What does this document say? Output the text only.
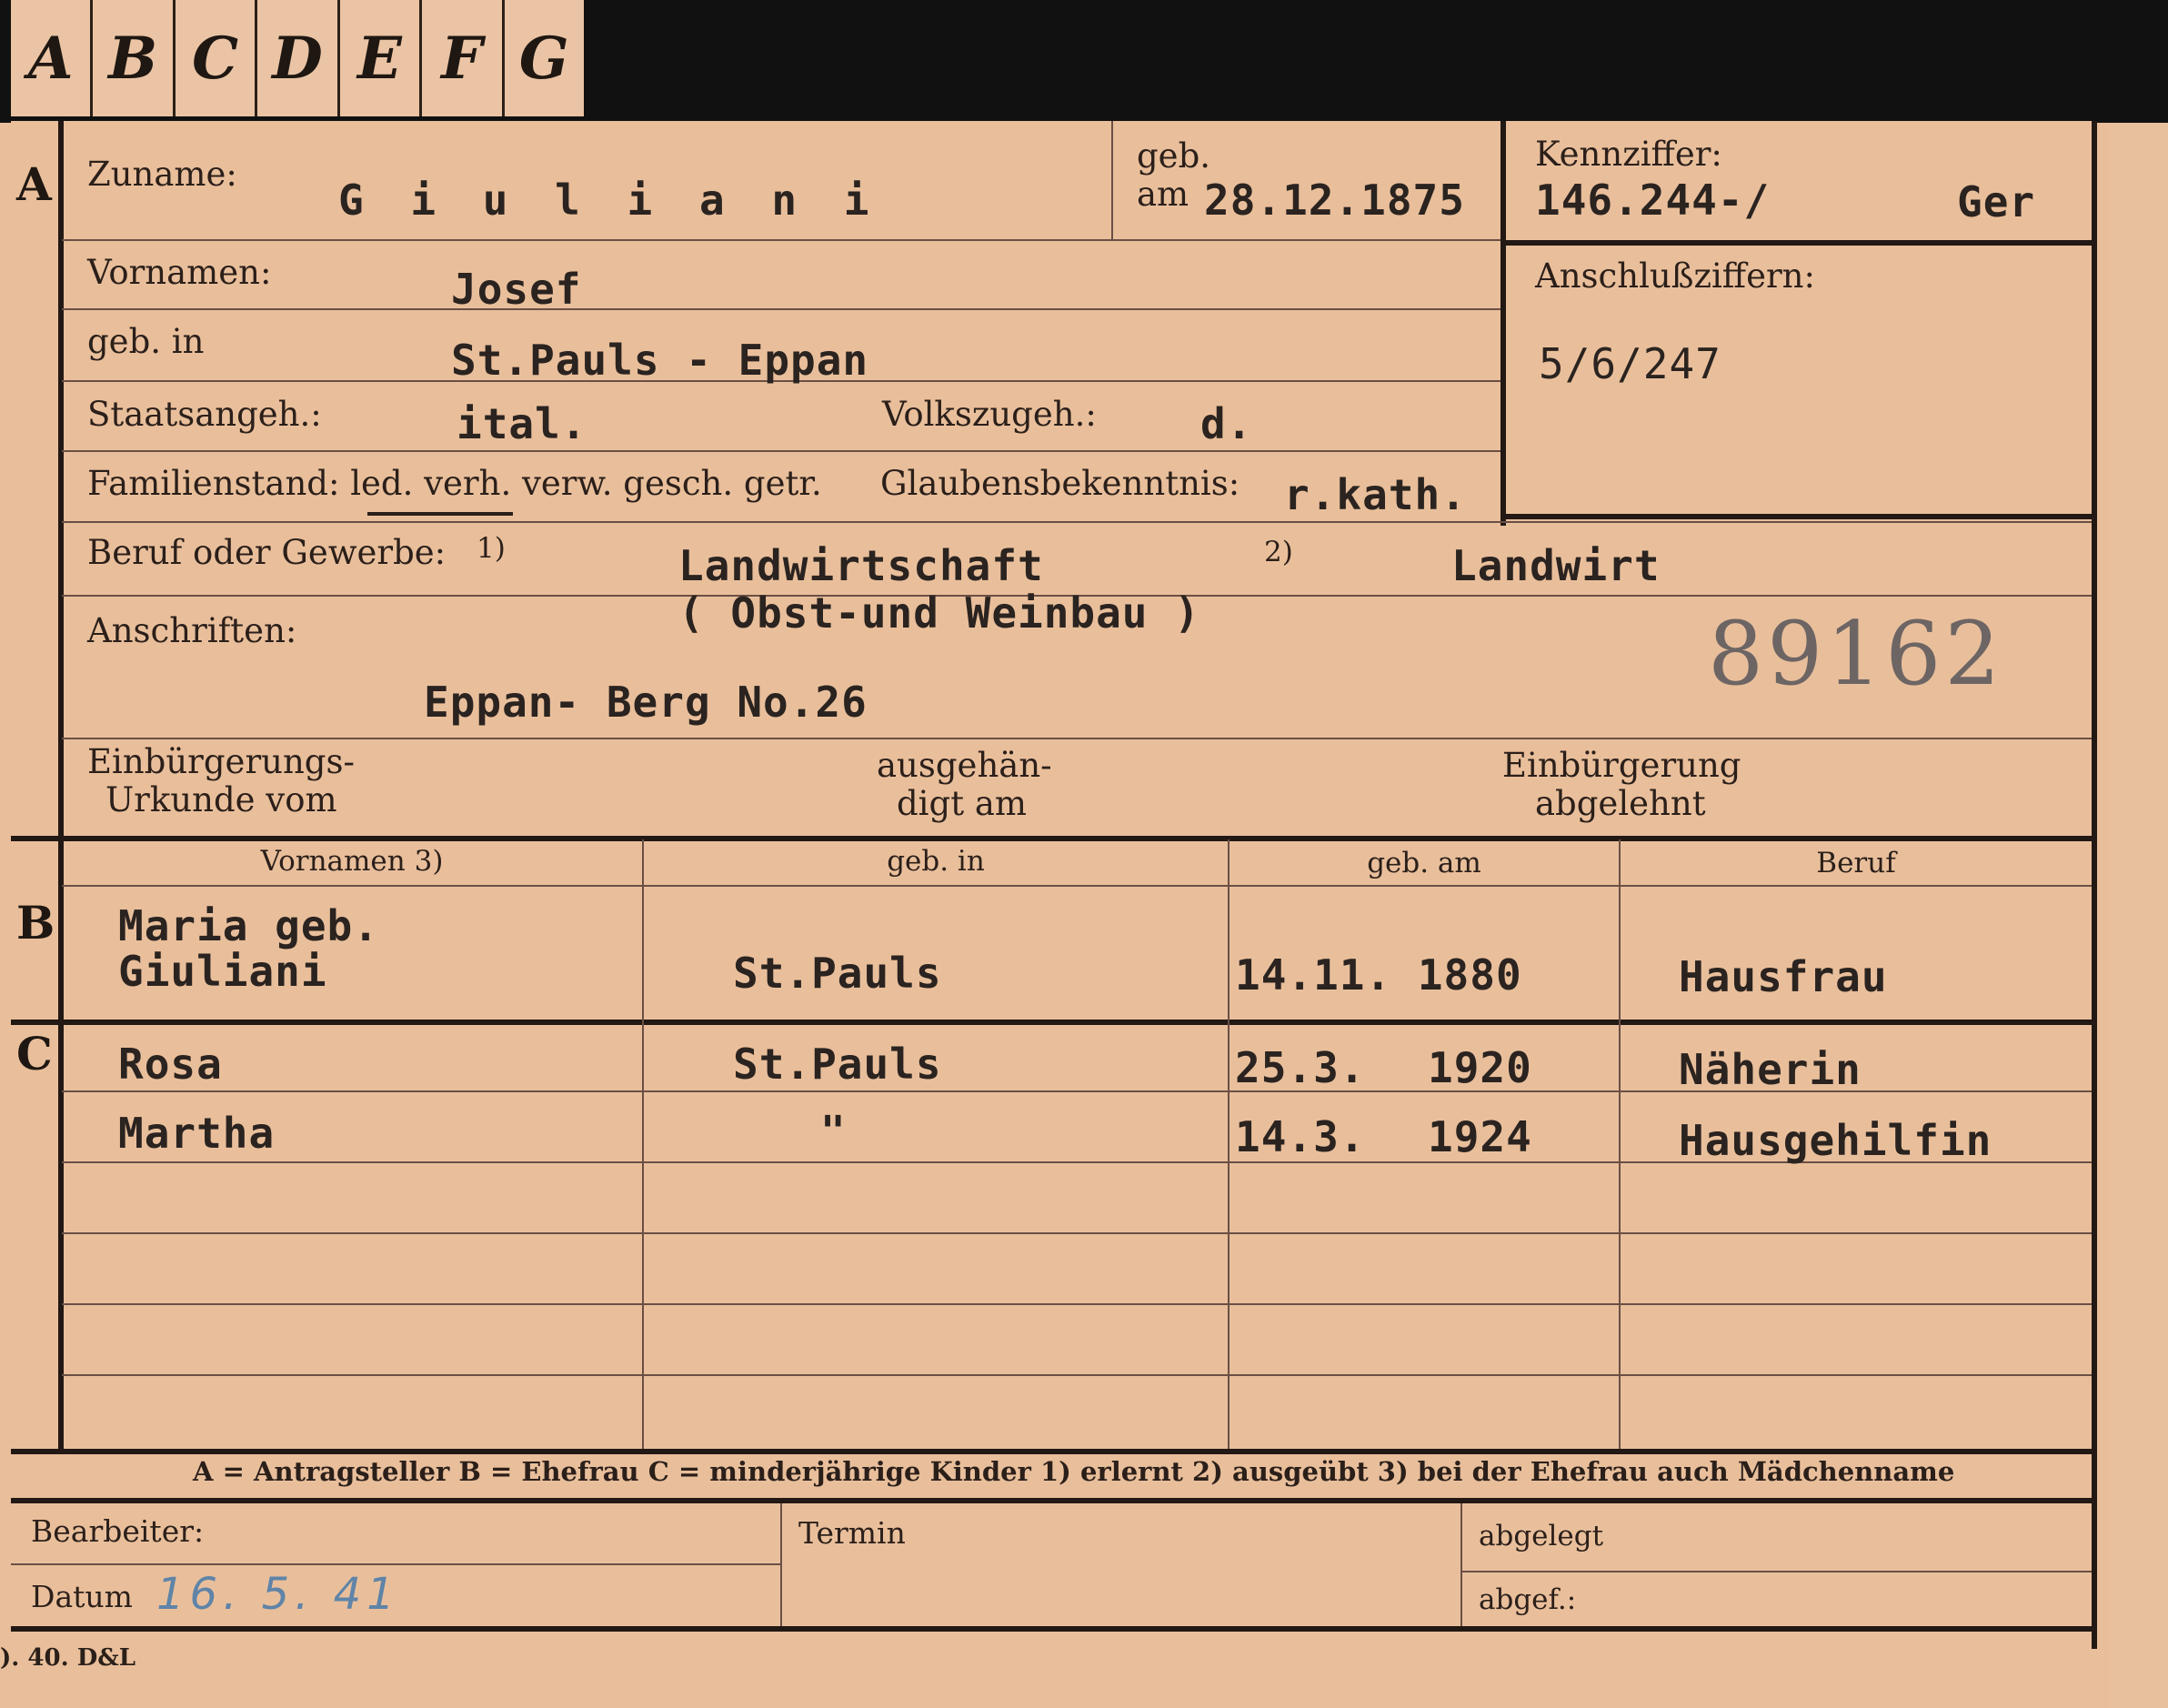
A B C D E F G
A
B
C
Zuname:
G i u l i a n i
geb.
am 28.12.1875
Vornamen:	Josef
geb. in	St.Pauls - Eppan
Staatsangeh.:	ital.	Volkszugeh.: d.
Familienstand: led. verh. verw. gesch. getr. Glaubensbekenntnis: r.kath.
Beruf oder Gewerbe: 1)	Landwirtschaft
( Obst-und Weinbau )
2)	Landwirt
Anschriften:
Eppan- Berg No.26	89162
Einbürgerungs-
Urkunde vom
ausgehän-
digt am
Einbürgerung
abgelehnt
Kennziffer:
146.244-/	Ger
Anschlußziffern:
5/6/247
Vornamen 3)	geb. in	geb. am	Beruf
Maria geb.
Giuliani	St.Pauls	14.11. 1880	Hausfrau
Rosa	St.Pauls	25.3. 1920	Näherin
Martha	"	14.3. 1924	Hausgehilfin
A = Antragsteller B = Ehefrau C = minderjährige Kinder 1) erlernt 2) ausgeübt 3) bei der Ehefrau auch Mädchenname
Bearbeiter:
Datum 16. 5. 41
Termin	abgelegt
abgef.:
). 40. D&L
